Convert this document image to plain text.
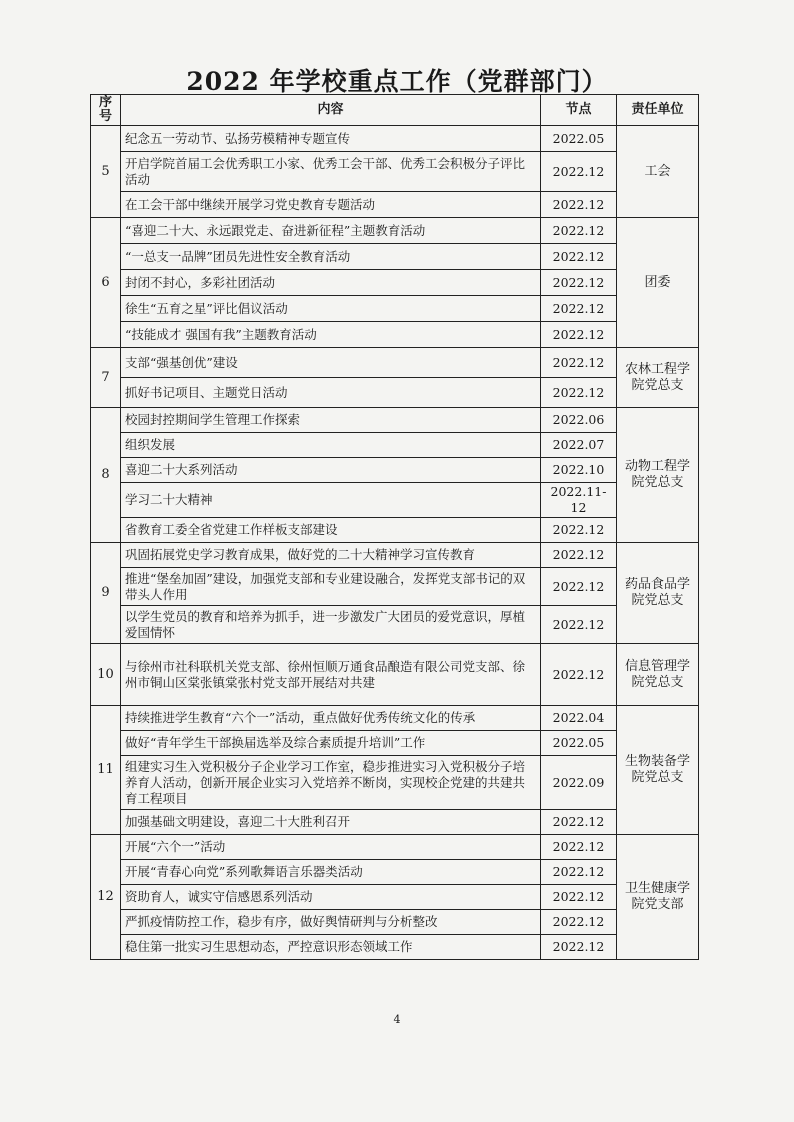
2022 年学校重点工作（党群部门）
序号	内容	节点	责任单位
5	纪念五一劳动节、弘扬劳模精神专题宣传	2022.05	工会
	开启学院首届工会优秀职工小家、优秀工会干部、优秀工会积极分子评比活动	2022.12	
	在工会干部中继续开展学习党史教育专题活动	2022.12	
6	“喜迎二十大、永远跟党走、奋进新征程”主题教育活动	2022.12	团委
	“一总支一品牌”团员先进性安全教育活动	2022.12	
	封闭不封心，多彩社团活动	2022.12	
	徐生“五育之星”评比倡议活动	2022.12	
	“技能成才 强国有我”主题教育活动	2022.12	
7	支部“强基创优”建设	2022.12	农林工程学院党总支
	抓好书记项目、主题党日活动	2022.12	
8	校园封控期间学生管理工作探索	2022.06	动物工程学院党总支
	组织发展	2022.07	
	喜迎二十大系列活动	2022.10	
	学习二十大精神	2022.11-12	
	省教育工委全省党建工作样板支部建设	2022.12	
9	巩固拓展党史学习教育成果，做好党的二十大精神学习宣传教育	2022.12	药品食品学院党总支
	推进“堡垒加固”建设，加强党支部和专业建设融合，发挥党支部书记的双带头人作用	2022.12	
	以学生党员的教育和培养为抓手，进一步激发广大团员的爱党意识，厚植爱国情怀	2022.12	
10	与徐州市社科联机关党支部、徐州恒顺万通食品酿造有限公司党支部、徐州市铜山区棠张镇棠张村党支部开展结对共建	2022.12	信息管理学院党总支
11	持续推进学生教育“六个一”活动，重点做好优秀传统文化的传承	2022.04	生物装备学院党总支
	做好“青年学生干部换届选举及综合素质提升培训”工作	2022.05	
	组建实习生入党积极分子企业学习工作室，稳步推进实习入党积极分子培养育人活动，创新开展企业实习入党培养不断岗，实现校企党建的共建共育工程项目	2022.09	
	加强基础文明建设，喜迎二十大胜利召开	2022.12	
12	开展“六个一”活动	2022.12	卫生健康学院党支部
	开展“青春心向党”系列歌舞语言乐器类活动	2022.12	
	资助育人，诚实守信感恩系列活动	2022.12	
	严抓疫情防控工作，稳步有序，做好舆情研判与分析整改	2022.12	
	稳住第一批实习生思想动态，严控意识形态领域工作	2022.12	
4
